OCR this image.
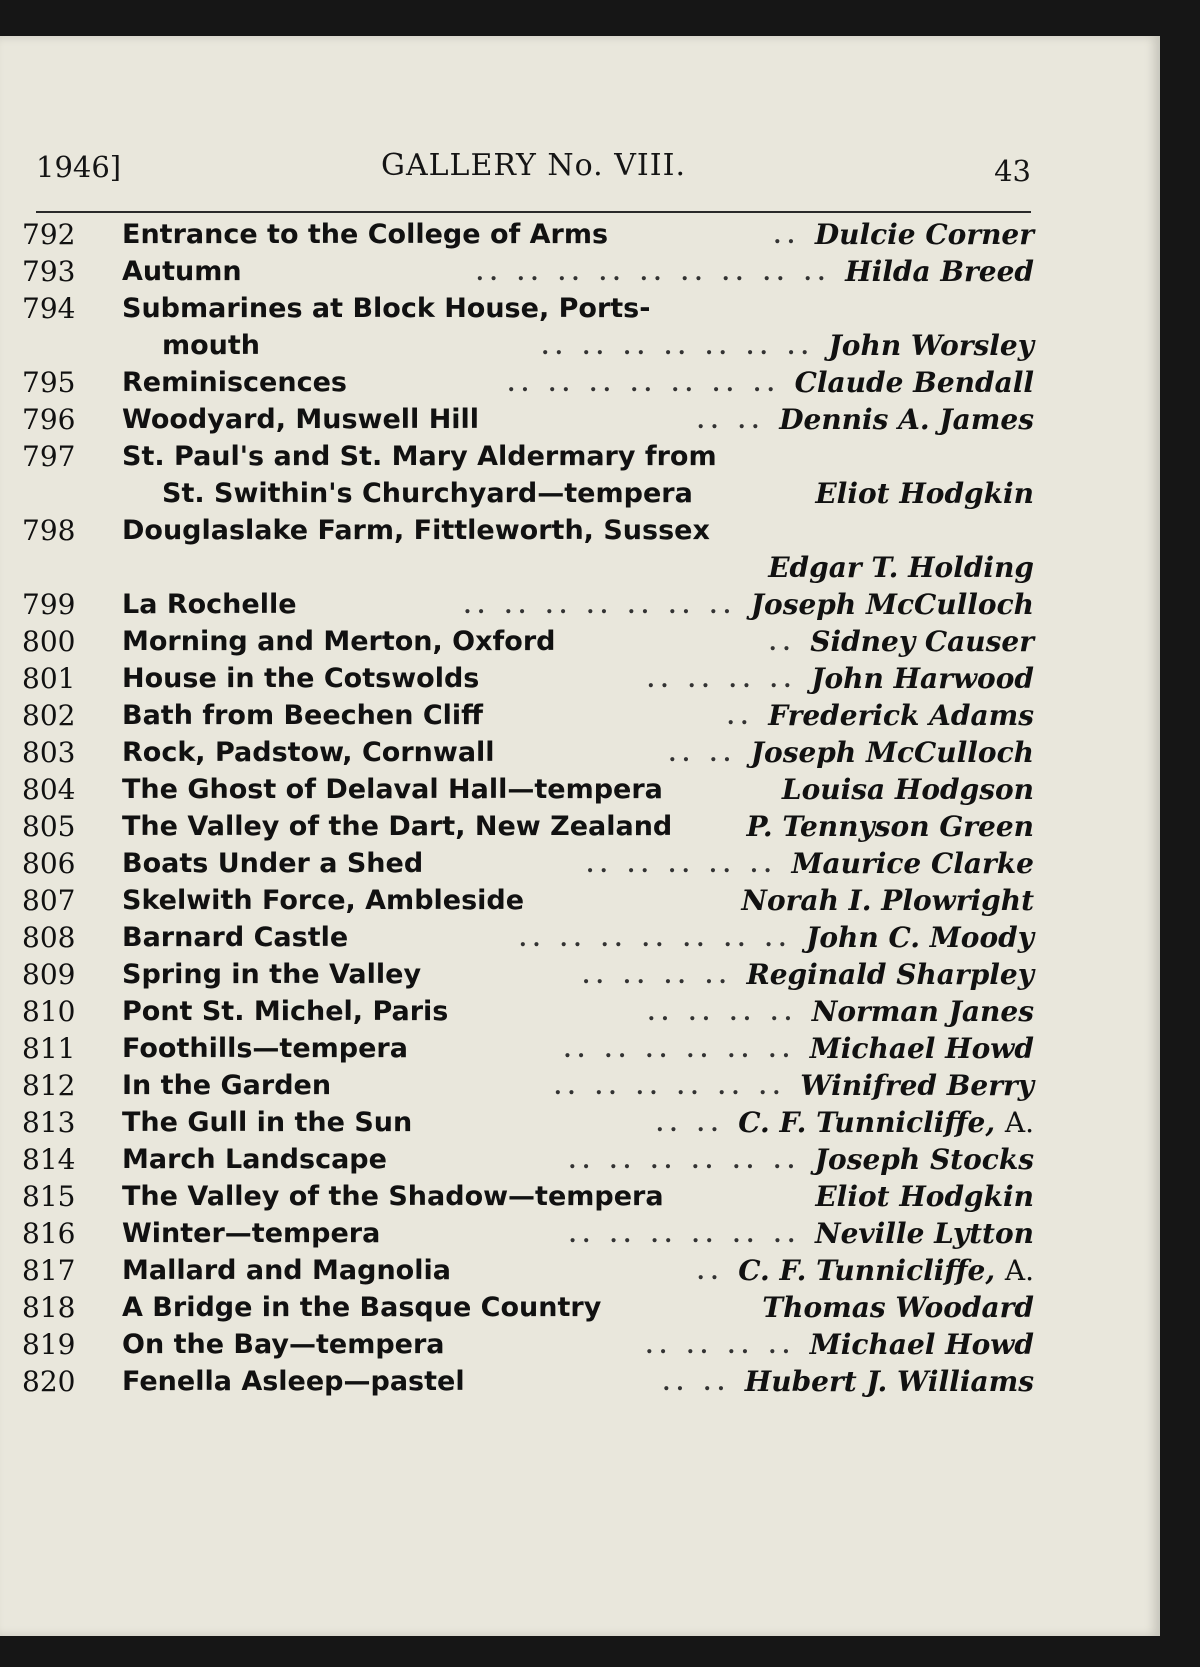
1946]	GALLERY No. VIII.	43
792	Entrance to the College of Arms	.. Dulcie Corner
793	Autumn	.. .. .. .. .. .. .. .. .. Hilda Breed
794	Submarines at Block House, Ports-
mouth	.. .. .. .. .. .. .. John Worsley
795	Reminiscences	.. .. .. .. .. .. .. Claude Bendall
796	Woodyard, Muswell Hill	.. .. Dennis A. James
797	St. Paul's and St. Mary Aldermary from
St. Swithin's Churchyard—tempera	Eliot Hodgkin
798	Douglaslake Farm, Fittleworth, Sussex
Edgar T. Holding
799	La Rochelle	.. .. .. .. .. .. .. Joseph McCulloch
800	Morning and Merton, Oxford	.. Sidney Causer
801	House in the Cotswolds	.. .. .. .. John Harwood
802	Bath from Beechen Cliff	.. Frederick Adams
803	Rock, Padstow, Cornwall	.. .. Joseph McCulloch
804	The Ghost of Delaval Hall—tempera	Louisa Hodgson
805	The Valley of the Dart, New Zealand	P. Tennyson Green
806	Boats Under a Shed	.. .. .. .. .. Maurice Clarke
807	Skelwith Force, Ambleside	Norah I. Plowright
808	Barnard Castle	.. .. .. .. .. .. .. John C. Moody
809	Spring in the Valley	.. .. .. .. Reginald Sharpley
810	Pont St. Michel, Paris	.. .. .. .. Norman Janes
811	Foothills—tempera	.. .. .. .. .. .. Michael Howd
812	In the Garden	.. .. .. .. .. .. Winifred Berry
813	The Gull in the Sun	.. .. C. F. Tunnicliffe, A.
814	March Landscape	.. .. .. .. .. .. Joseph Stocks
815	The Valley of the Shadow—tempera	Eliot Hodgkin
816	Winter—tempera	.. .. .. .. .. .. Neville Lytton
817	Mallard and Magnolia	.. C. F. Tunnicliffe, A.
818	A Bridge in the Basque Country	Thomas Woodard
819	On the Bay—tempera	.. .. .. .. Michael Howd
820	Fenella Asleep—pastel	.. .. Hubert J. Williams
